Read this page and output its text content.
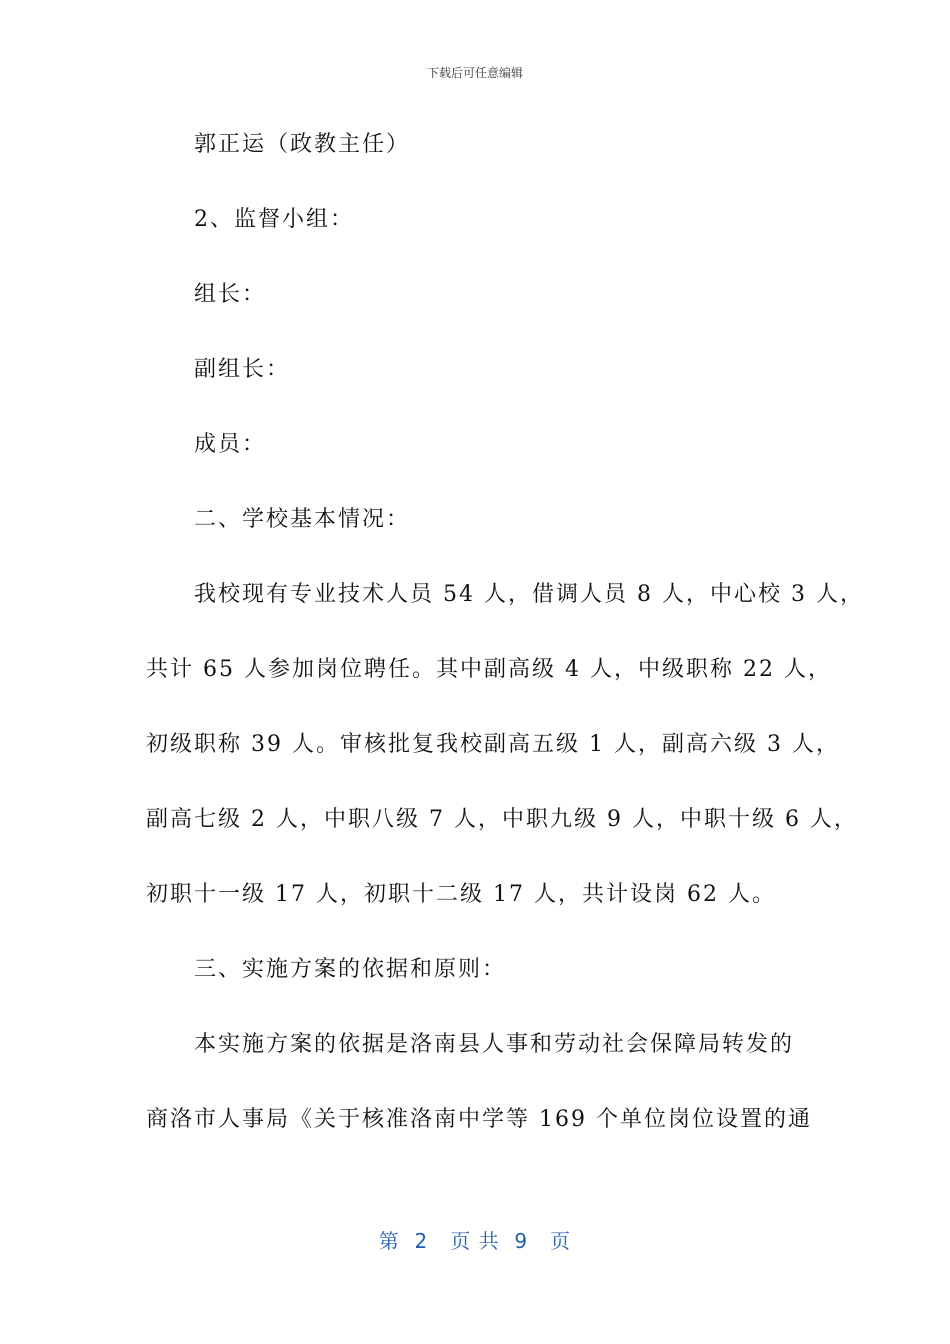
下载后可任意编辑
郭正运（政教主任）
2、监督小组：
组长：
副组长：
成员：
二、学校基本情况：
我校现有专业技术人员 54 人，借调人员 8 人，中心校 3 人，
共计 65 人参加岗位聘任。其中副高级 4 人，中级职称 22 人，
初级职称 39 人。审核批复我校副高五级 1 人，副高六级 3 人，
副高七级 2 人，中职八级 7 人，中职九级 9 人，中职十级 6 人，
初职十一级 17 人，初职十二级 17 人，共计设岗 62 人。
三、实施方案的依据和原则：
本实施方案的依据是洛南县人事和劳动社会保障局转发的
商洛市人事局《关于核准洛南中学等 169 个单位岗位设置的通
第  2   页 共  9   页
